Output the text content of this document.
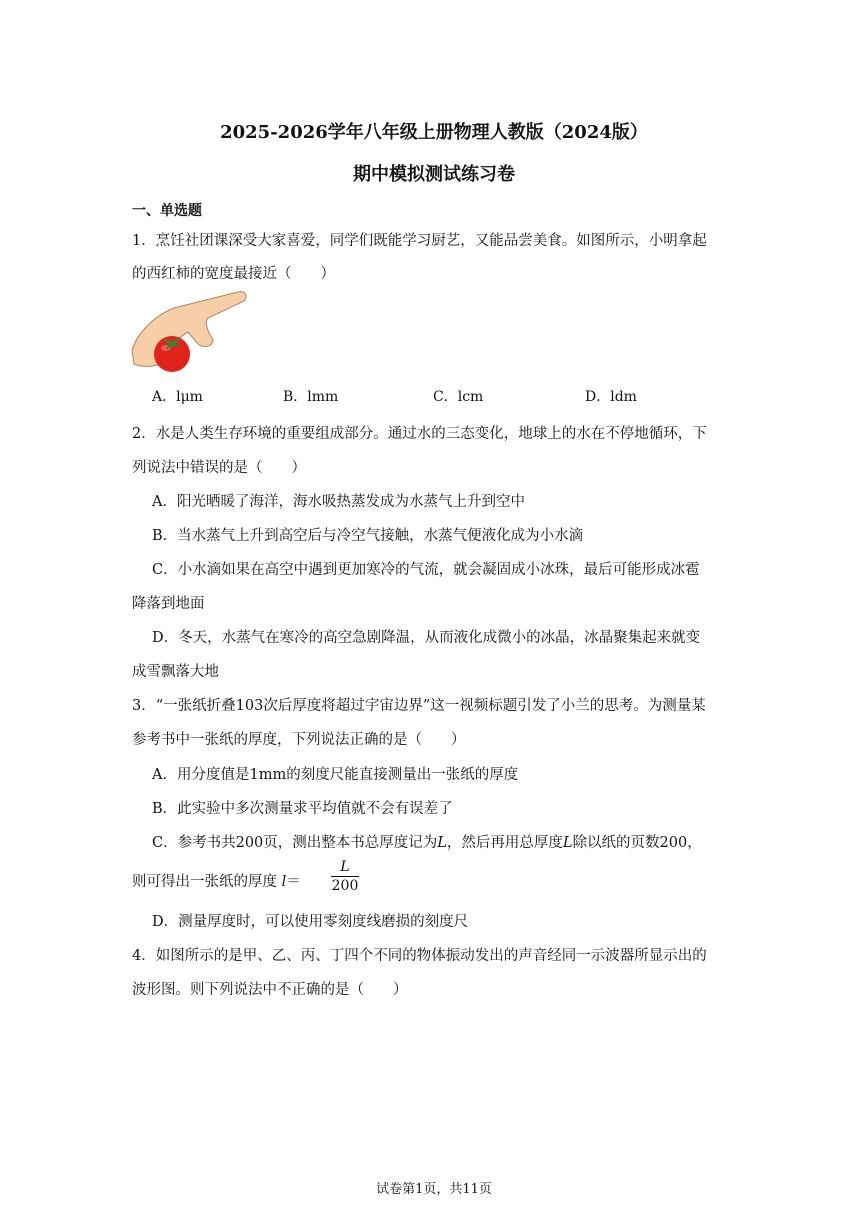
2025-2026学年八年级上册物理人教版（2024版）
期中模拟测试练习卷
一、单选题
1．烹饪社团课深受大家喜爱，同学们既能学习厨艺，又能品尝美食。如图所示，小明拿起
的西红柿的宽度最接近（　　）
A．lμm	B．lmm	C．lcm	D．ldm
2．水是人类生存环境的重要组成部分。通过水的三态变化，地球上的水在不停地循环，下
列说法中错误的是（　　）
A．阳光晒暖了海洋，海水吸热蒸发成为水蒸气上升到空中
B．当水蒸气上升到高空后与冷空气接触，水蒸气便液化成为小水滴
C．小水滴如果在高空中遇到更加寒冷的气流，就会凝固成小冰珠，最后可能形成冰雹
降落到地面
D．冬天，水蒸气在寒冷的高空急剧降温，从而液化成微小的冰晶，冰晶聚集起来就变
成雪飘落大地
3．“一张纸折叠103次后厚度将超过宇宙边界”这一视频标题引发了小兰的思考。为测量某
参考书中一张纸的厚度，下列说法正确的是（　　）
A．用分度值是1mm的刻度尺能直接测量出一张纸的厚度
B．此实验中多次测量求平均值就不会有误差了
C．参考书共200页，测出整本书总厚度记为L，然后再用总厚度L除以纸的页数200，
则可得出一张纸的厚度 l＝
L
200
D．测量厚度时，可以使用零刻度线磨损的刻度尺
4．如图所示的是甲、乙、丙、丁四个不同的物体振动发出的声音经同一示波器所显示出的
波形图。则下列说法中不正确的是（　　）
试卷第1页，共11页
